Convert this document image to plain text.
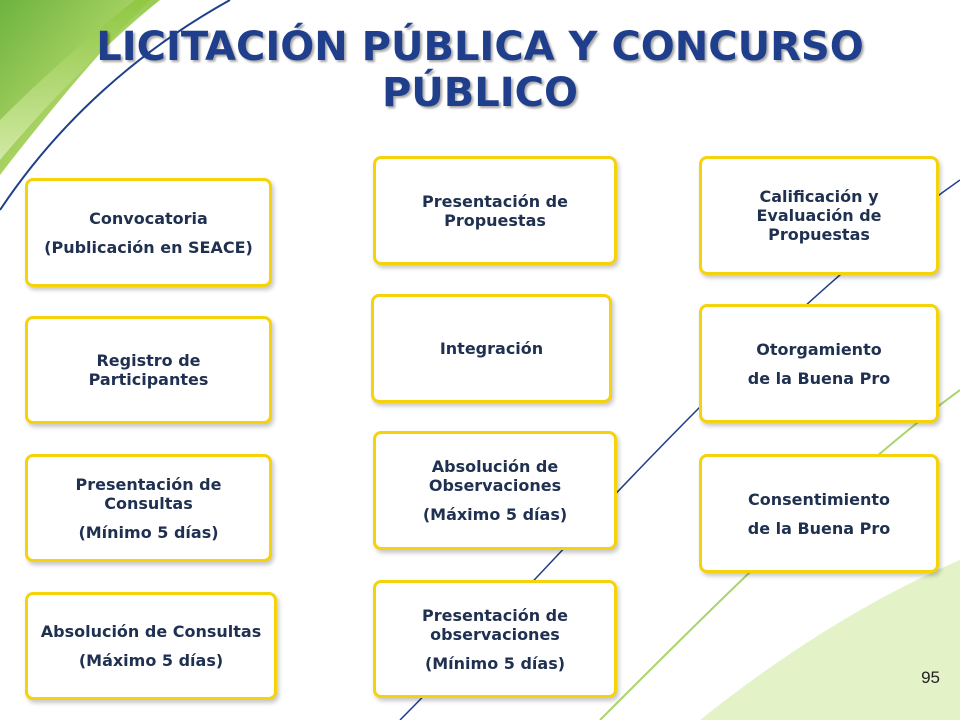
LICITACIÓN PÚBLICA Y CONCURSO
PÚBLICO
Convocatoria
(Publicación en SEACE)
Registro de Participantes
Presentación de Consultas
(Mínimo 5 días)
Absolución de Consultas
(Máximo 5 días)
Presentación de Propuestas
Integración
Absolución de Observaciones
(Máximo 5 días)
Presentación de observaciones
(Mínimo 5 días)
Calificación y Evaluación de Propuestas
Otorgamiento
de la Buena Pro
Consentimiento
de la Buena Pro
95
